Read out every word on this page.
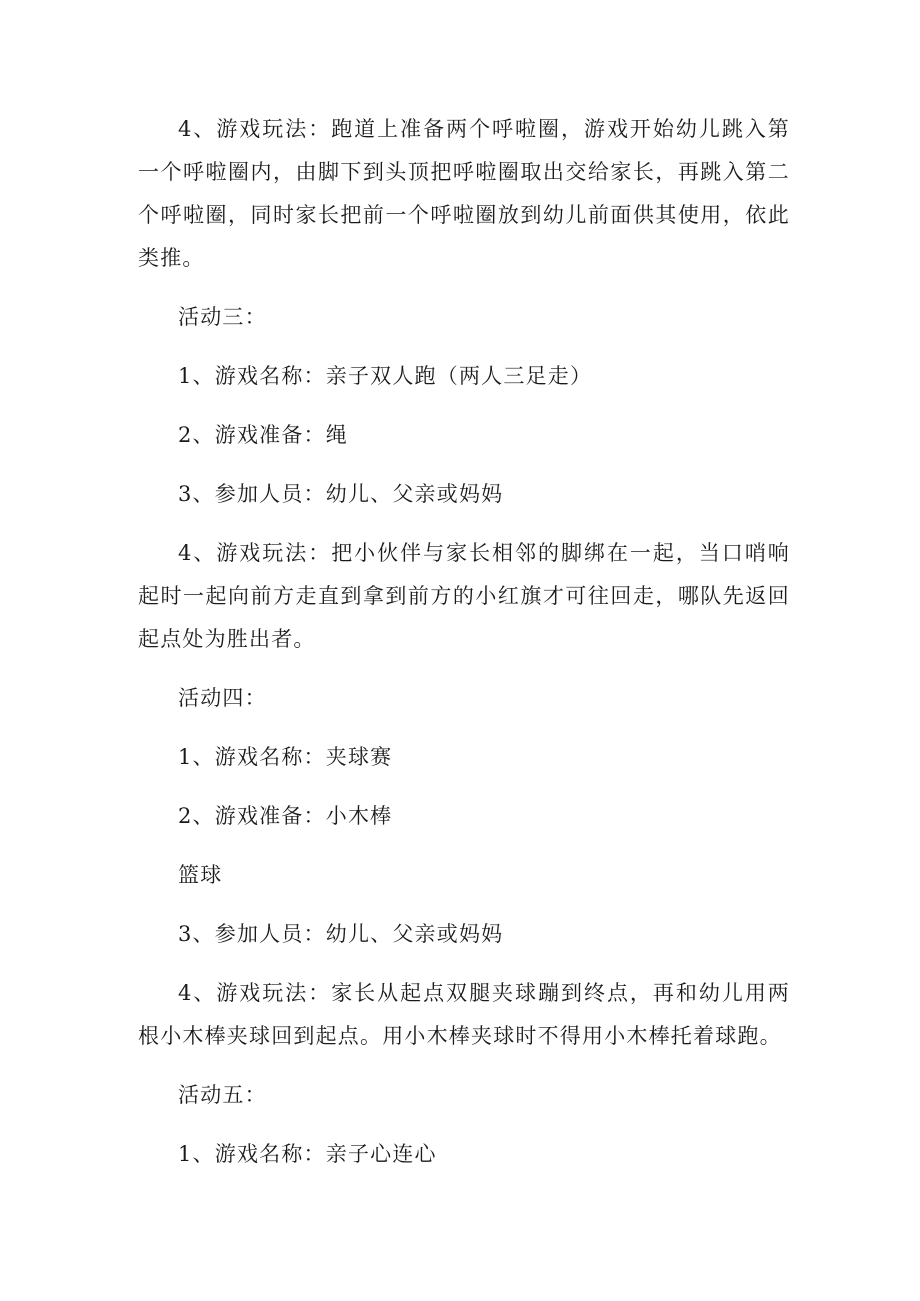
4、游戏玩法：跑道上准备两个呼啦圈，游戏开始幼儿跳入第一个呼啦圈内，由脚下到头顶把呼啦圈取出交给家长，再跳入第二个呼啦圈，同时家长把前一个呼啦圈放到幼儿前面供其使用，依此类推。

活动三：

1、游戏名称：亲子双人跑（两人三足走）

2、游戏准备：绳

3、参加人员：幼儿、父亲或妈妈

4、游戏玩法：把小伙伴与家长相邻的脚绑在一起，当口哨响起时一起向前方走直到拿到前方的小红旗才可往回走，哪队先返回起点处为胜出者。

活动四：

1、游戏名称：夹球赛

2、游戏准备：小木棒

篮球

3、参加人员：幼儿、父亲或妈妈

4、游戏玩法：家长从起点双腿夹球蹦到终点，再和幼儿用两根小木棒夹球回到起点。用小木棒夹球时不得用小木棒托着球跑。

活动五：

1、游戏名称：亲子心连心
